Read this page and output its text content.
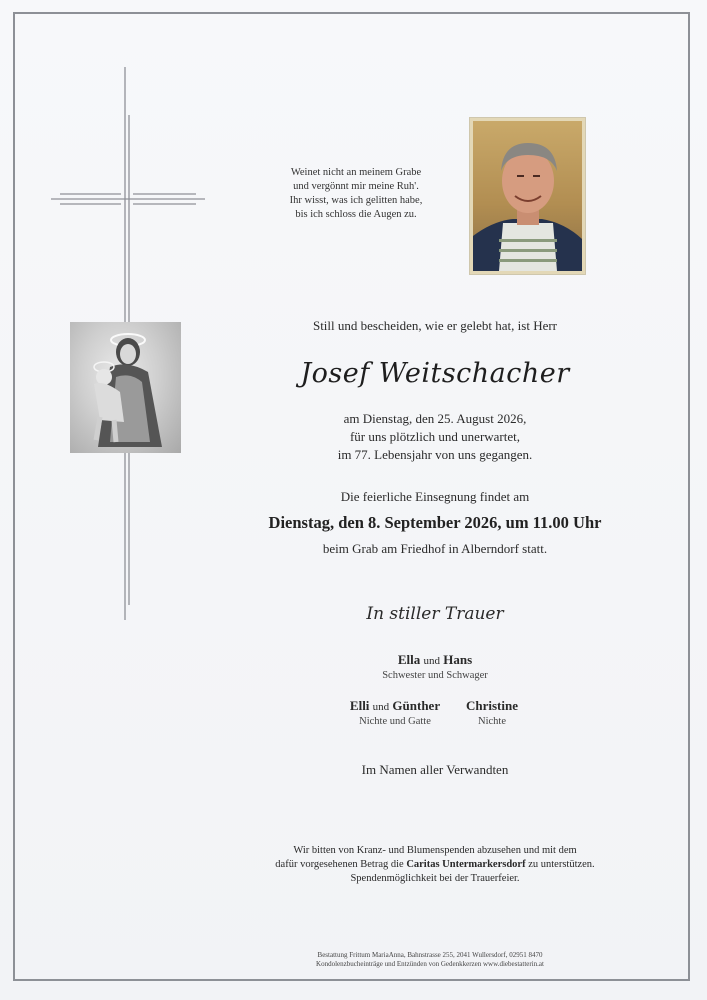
Weinet nicht an meinem Grabe
und vergönnt mir meine Ruh'.
Ihr wisst, was ich gelitten habe,
bis ich schloss die Augen zu.
Still und bescheiden, wie er gelebt hat, ist Herr
Josef Weitschacher
am Dienstag, den 25. August 2026,
für uns plötzlich und unerwartet,
im 77. Lebensjahr von uns gegangen.
Die feierliche Einsegnung findet am
Dienstag, den 8. September 2026, um 11.00 Uhr
beim Grab am Friedhof in Alberndorf statt.
In stiller Trauer
Ella und Hans
Schwester und Schwager
Elli und Günther
Nichte und Gatte
Christine
Nichte
Im Namen aller Verwandten
Wir bitten von Kranz- und Blumenspenden abzusehen und mit dem
dafür vorgesehenen Betrag die Caritas Untermarkersdorf zu unterstützen.
Spendenmöglichkeit bei der Trauerfeier.
Bestattung Frittum MariaAnna, Bahnstrasse 255, 2041 Wullersdorf, 02951 8470
Kondolenzbucheinträge und Entzünden von Gedenkkerzen www.diebestatterin.at
